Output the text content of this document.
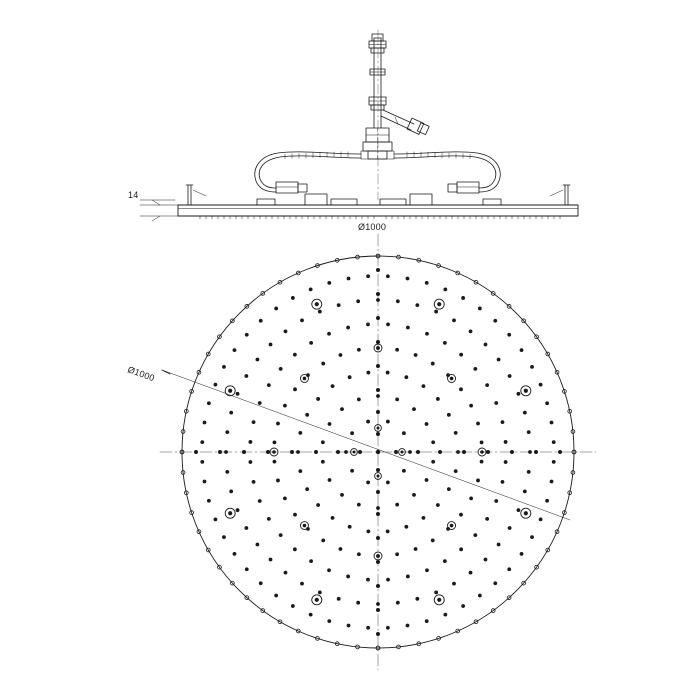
14
Ø1000
Ø1000
